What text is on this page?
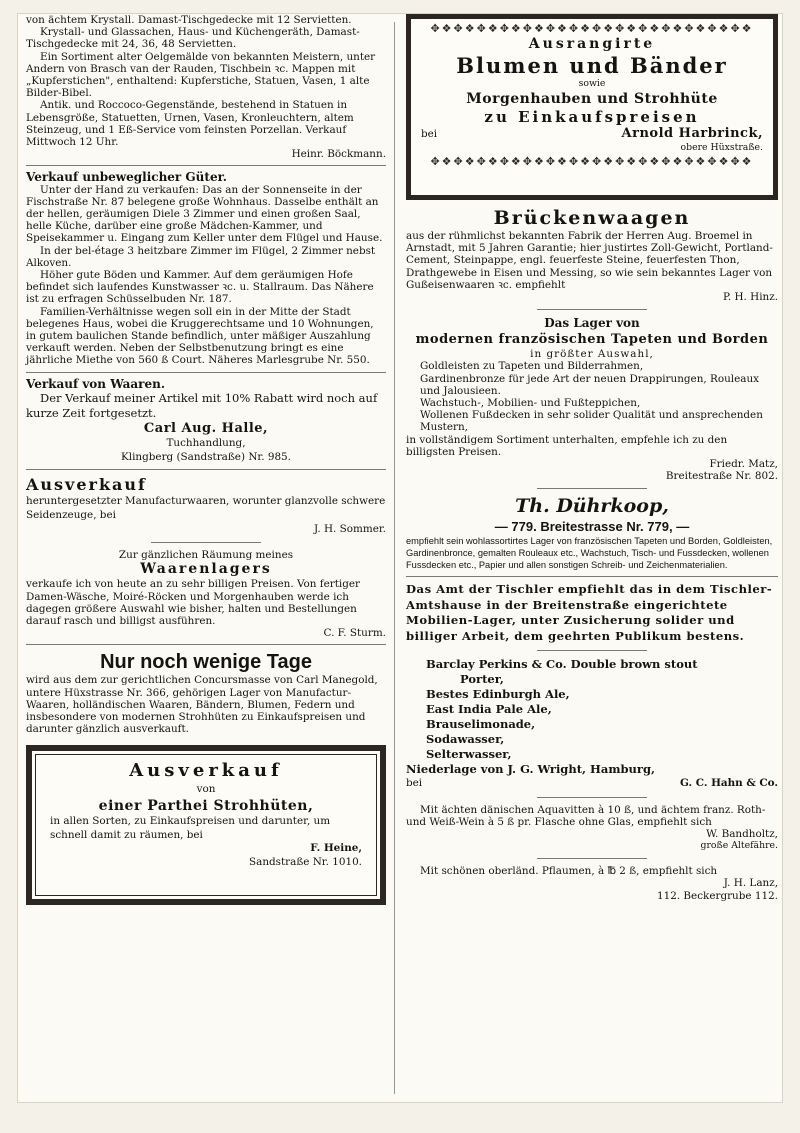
von ächtem Krystall. Damast-Tischgedecke mit 12 Servietten.

Krystall- und Glassachen, Haus- und Küchengeräth, Damast-Tischgedecke mit 24, 36, 48 Servietten.

Ein Sortiment alter Oelgemälde von bekannten Meistern, unter Andern von Brasch van der Rauden, Tischbein ꝛc. Mappen mit „Kupferstichen", enthaltend: Kupferstiche, Statuen, Vasen, 1 alte Bilder-Bibel.

Antik. und Roccoco-Gegenstände, bestehend in Statuen in Lebensgröße, Statuetten, Urnen, Vasen, Kronleuchtern, altem Steinzeug, und 1 Eß-Service vom feinsten Porzellan. Verkauf Mittwoch 12 Uhr.

Heinr. Böckmann.

Verkauf unbeweglicher Güter.

Unter der Hand zu verkaufen: Das an der Sonnenseite in der Fischstraße Nr. 87 belegene große Wohnhaus. Dasselbe enthält an der hellen, geräumigen Diele 3 Zimmer und einen großen Saal, helle Küche, darüber eine große Mädchen-Kammer, und Speisekammer u. Eingang zum Keller unter dem Flügel und Hause.

In der bel-étage 3 heitzbare Zimmer im Flügel, 2 Zimmer nebst Alkoven.

Höher gute Böden und Kammer. Auf dem geräumigen Hofe befindet sich laufendes Kunstwasser ꝛc. u. Stallraum. Das Nähere ist zu erfragen Schüsselbuden Nr. 187.

Familien-Verhältnisse wegen soll ein in der Mitte der Stadt belegenes Haus, wobei die Kruggerechtsame und 10 Wohnungen, in gutem baulichen Stande befindlich, unter mäßiger Auszahlung verkauft werden. Neben der Selbstbenutzung bringt es eine jährliche Miethe von 560 ß Court. Näheres Marlesgrube Nr. 550.

Verkauf von Waaren.

Der Verkauf meiner Artikel mit 10% Rabatt wird noch auf kurze Zeit fortgesetzt.

Carl Aug. Halle,

Tuchhandlung,

Klingberg (Sandstraße) Nr. 985.

Ausverkauf

heruntergesetzter Manufacturwaaren, worunter glanzvolle schwere Seidenzeuge, bei

J. H. Sommer.

Zur gänzlichen Räumung meines

Waarenlagers

verkaufe ich von heute an zu sehr billigen Preisen. Von fertiger Damen-Wäsche, Moiré-Röcken und Morgenhauben werde ich dagegen größere Auswahl wie bisher, halten und Bestellungen darauf rasch und billigst ausführen.

C. F. Sturm.

Nur noch wenige Tage

wird aus dem zur gerichtlichen Concursmasse von Carl Manegold, untere Hüxstrasse Nr. 366, gehörigen Lager von Manufactur-Waaren, holländischen Waaren, Bändern, Blumen, Federn und insbesondere von modernen Strohhüten zu Einkaufspreisen und darunter gänzlich ausverkauft.

Ausverkauf

von

einer Parthei Strohhüten,

in allen Sorten, zu Einkaufspreisen und darunter, um schnell damit zu räumen, bei

F. Heine,

Sandstraße Nr. 1010.

✥❖✥❖✥❖✥❖✥❖✥❖✥❖✥❖✥❖✥❖✥❖✥❖✥❖✥❖

Ausrangirte

Blumen und Bänder

sowie

Morgenhauben und Strohhüte

zu Einkaufspreisen

bei	Arnold Harbrinck,

obere Hüxstraße.

✥❖✥❖✥❖✥❖✥❖✥❖✥❖✥❖✥❖✥❖✥❖✥❖✥❖✥❖

Brückenwaagen

aus der rühmlichst bekannten Fabrik der Herren Aug. Broemel in Arnstadt, mit 5 Jahren Garantie; hier justirtes Zoll-Gewicht, Portland-Cement, Steinpappe, engl. feuerfeste Steine, feuerfesten Thon, Drathgewebe in Eisen und Messing, so wie sein bekanntes Lager von Gußeisenwaaren ꝛc. empfiehlt

P. H. Hinz.

Das Lager von

modernen französischen Tapeten und Borden

in größter Auswahl,

Goldleisten zu Tapeten und Bilderrahmen,

Gardinenbronze für jede Art der neuen Drappirungen, Rouleaux und Jalousieen.

Wachstuch-, Mobilien- und Fußteppichen,

Wollenen Fußdecken in sehr solider Qualität und ansprechenden Mustern,

in vollständigem Sortiment unterhalten, empfehle ich zu den billigsten Preisen.

Friedr. Matz,

Breitestraße Nr. 802.

Th. Dührkoop,

— 779. Breitestrasse Nr. 779, —

empfiehlt sein wohlassortirtes Lager von französischen Tapeten und Borden, Goldleisten, Gardinenbronce, gemalten Rouleaux etc., Wachstuch, Tisch- und Fussdecken, wollenen Fussdecken etc., Papier und allen sonstigen Schreib- und Zeichenmaterialien.

Das Amt der Tischler empfiehlt das in dem Tischler-Amtshause in der Breitenstraße eingerichtete Mobilien-Lager, unter Zusicherung solider und billiger Arbeit, dem geehrten Publikum bestens.

Barclay Perkins & Co. Double brown stout

Porter,

Bestes Edinburgh Ale,

East India Pale Ale,

Brauselimonade,

Sodawasser,

Selterwasser,

Niederlage von J. G. Wright, Hamburg,

bei	G. C. Hahn & Co.

Mit ächten dänischen Aquavitten à 10 ß, und ächtem franz. Roth- und Weiß-Wein à 5 ß pr. Flasche ohne Glas, empfiehlt sich

W. Bandholtz,

große Altefähre.

Mit schönen oberländ. Pflaumen, à ℔ 2 ß, empfiehlt sich

J. H. Lanz,

112. Beckergrube 112.
